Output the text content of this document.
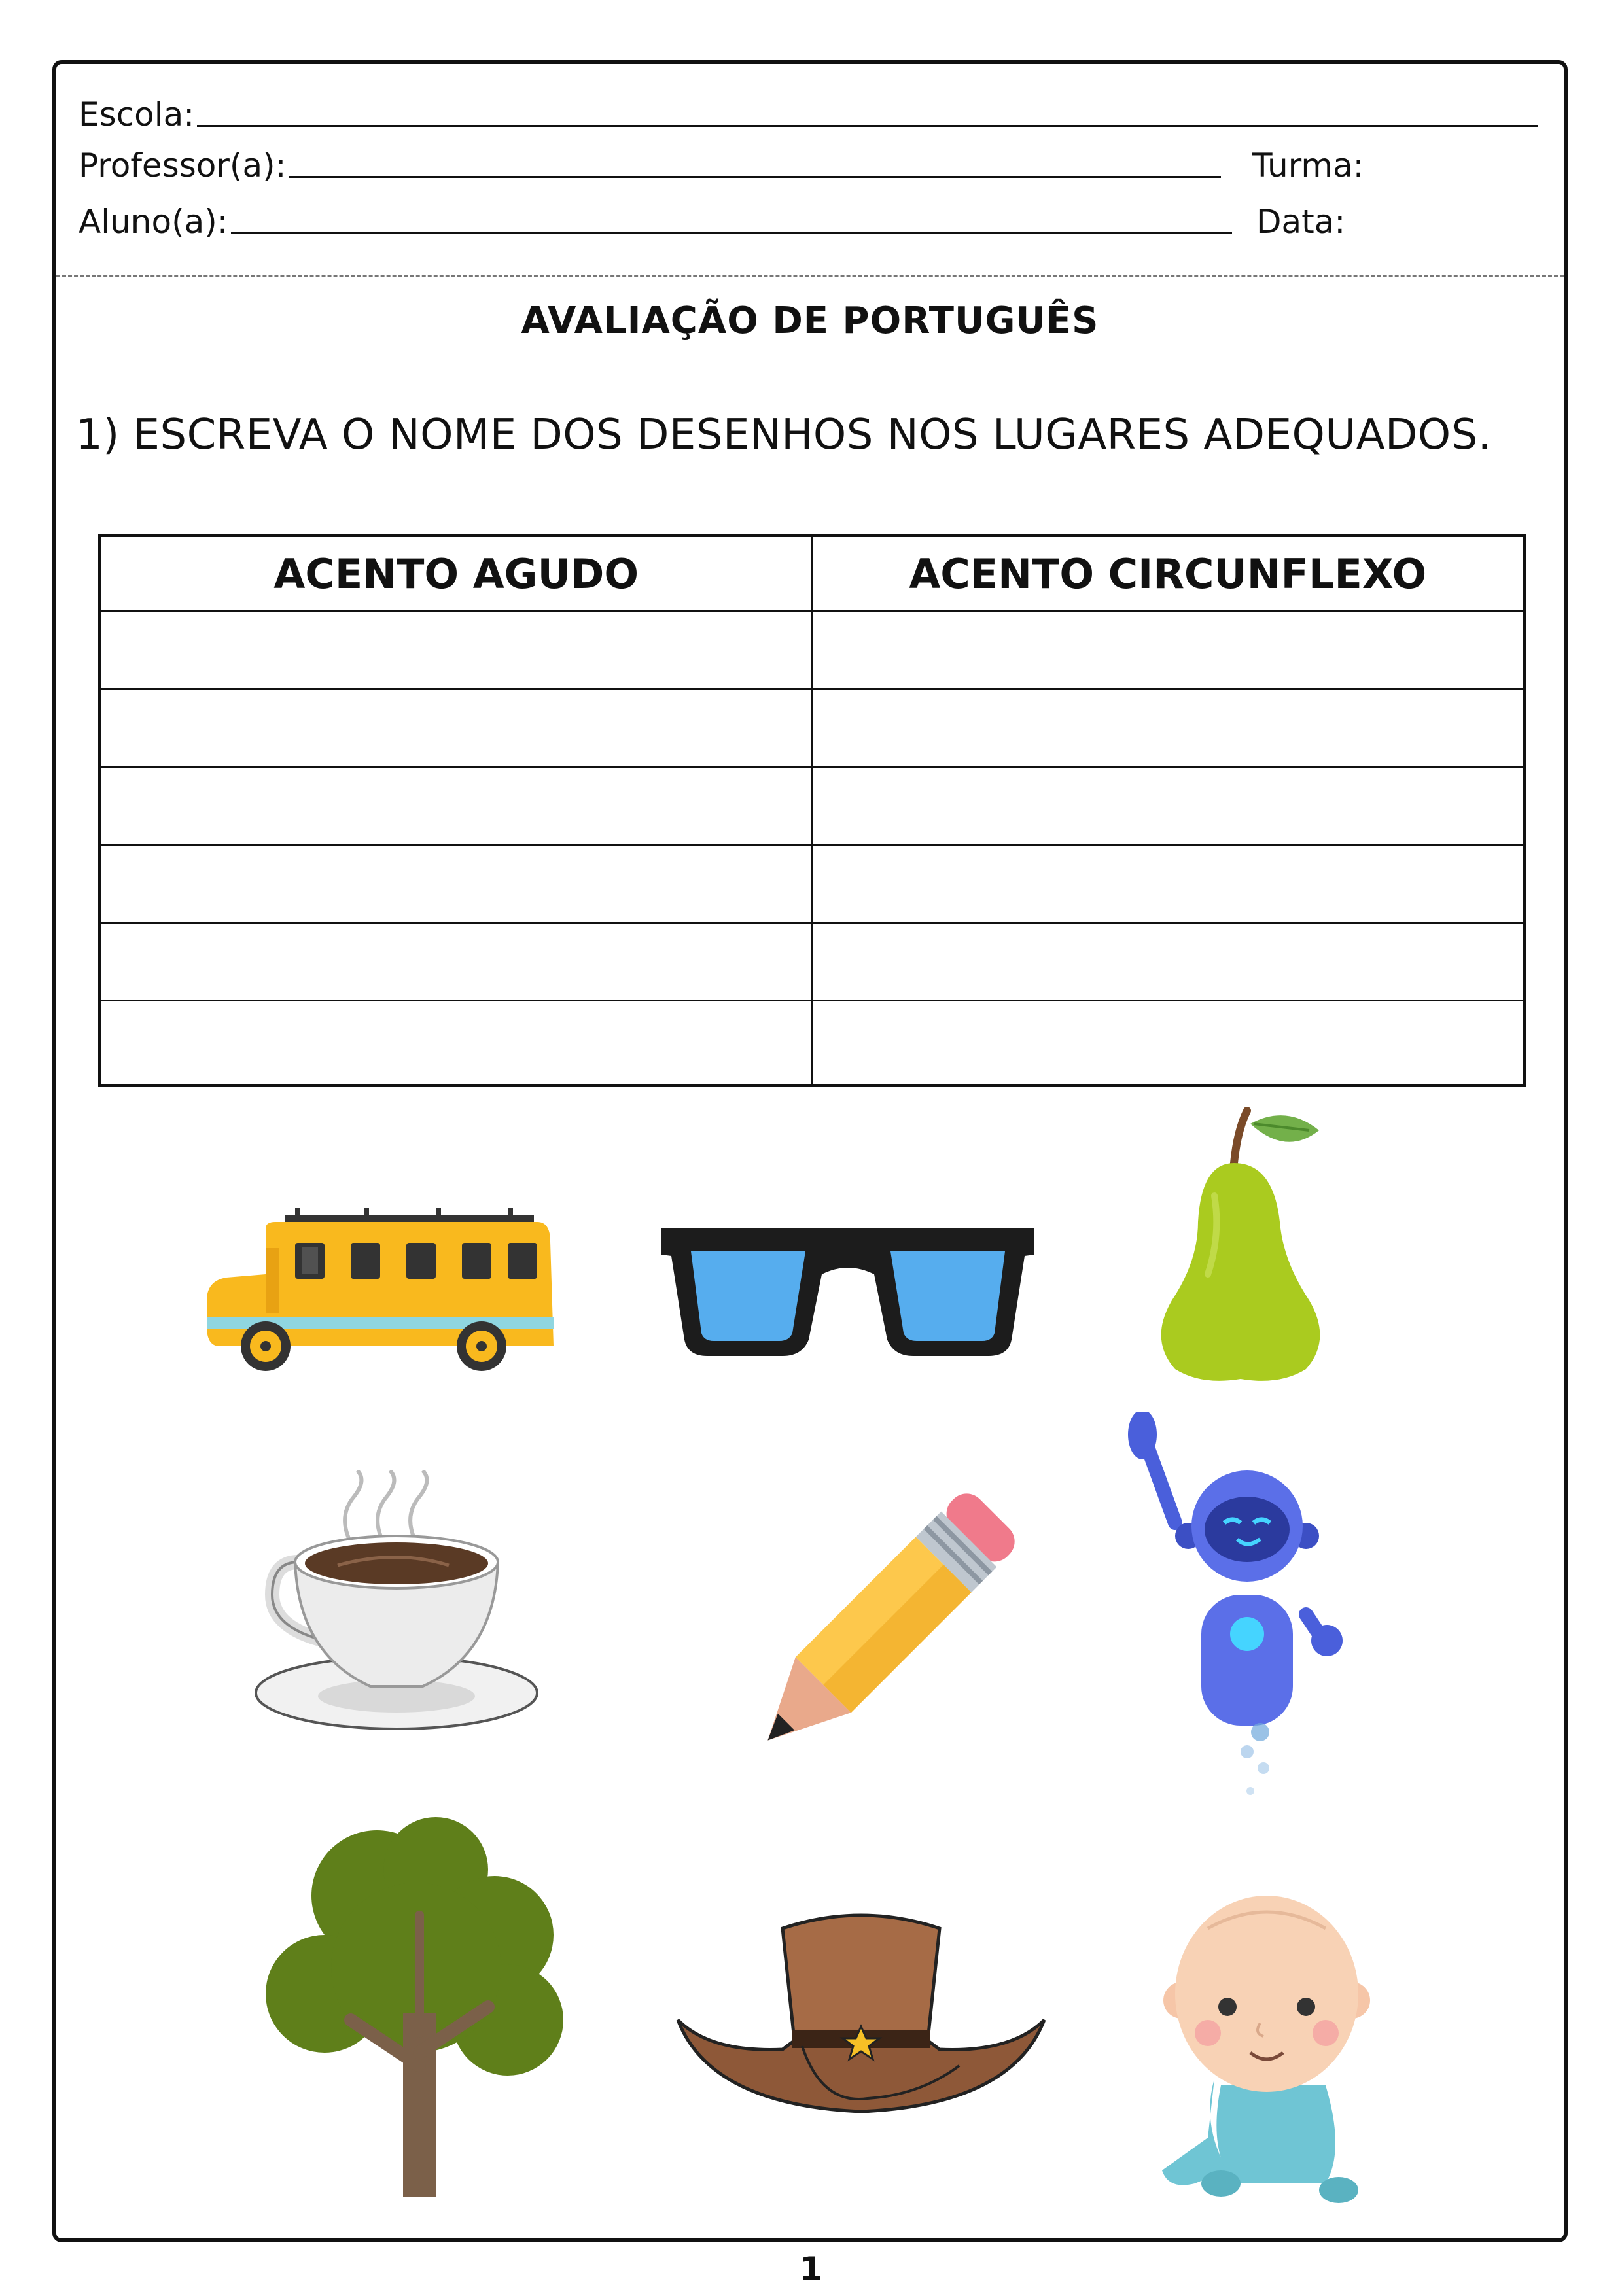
Escola:
Professor(a):	Turma:
Aluno(a):	Data:
AVALIAÇÃO DE PORTUGUÊS
1) ESCREVA O NOME DOS DESENHOS NOS LUGARES ADEQUADOS.
ACENTO AGUDO	ACENTO CIRCUNFLEXO

1
